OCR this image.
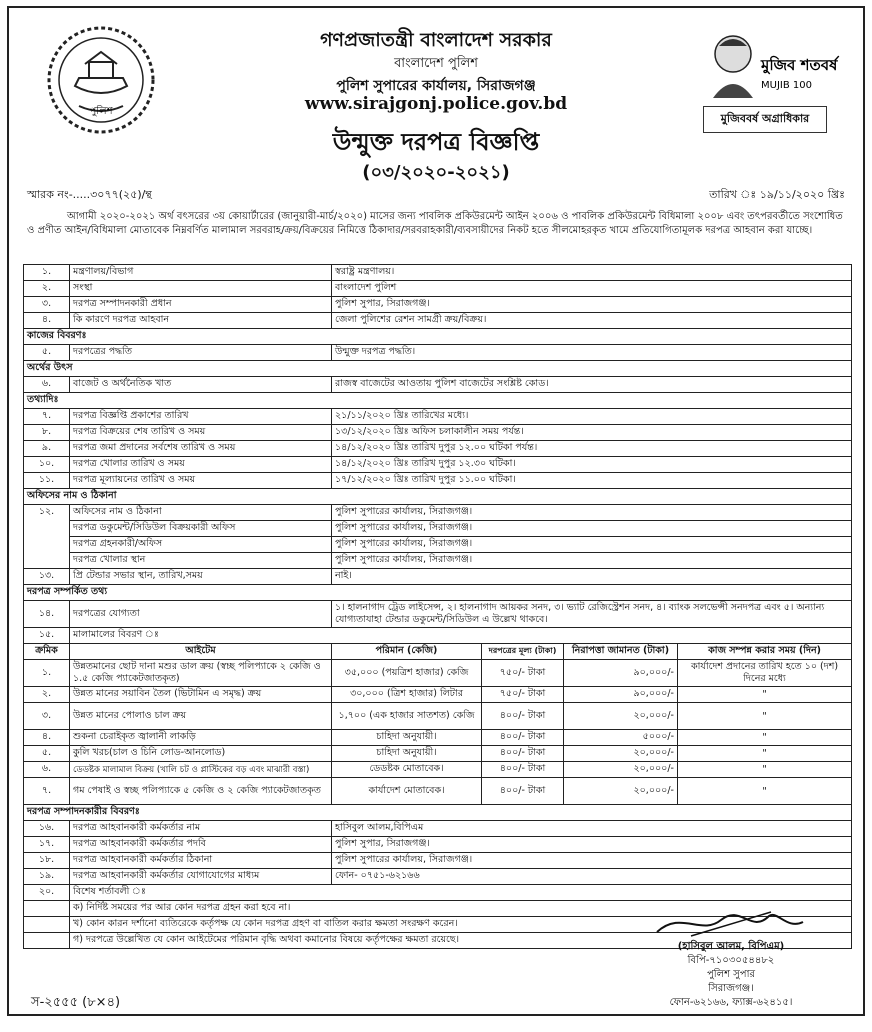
পুলিশ
গণপ্রজাতন্ত্রী বাংলাদেশ সরকার
বাংলাদেশ পুলিশ
পুলিশ সুপারের কার্যালয়, সিরাজগঞ্জ
www.sirajgonj.police.gov.bd
উন্মুক্ত দরপত্র বিজ্ঞপ্তি
(০৩/২০২০-২০২১)
মুজিব শতবর্ষ
MUJIB 100
মুজিববর্ষ অগ্রাধিকার
স্মারক নং-.....৩০৭৭(২৫)/ন্থ	তারিখ ঃ ১৯/১১/২০২০ খ্রিঃ
আগামী ২০২০-২০২১ অর্থ বৎসরের ৩য় কোয়ার্টারের (জানুয়ারী-মার্চ/২০২০) মাসের জন্য পাবলিক প্রকিউরমেন্ট আইন ২০০৬ ও পাবলিক প্রকিউরমেন্ট বিধিমালা ২০০৮ এবং তৎপরবর্তীতে সংশোধিত ও প্রণীত আইন/বিধিমালা মোতাবেক নিম্নবর্ণিত মালামাল সরবরাহ/ক্রয়/বিক্রয়ের নিমিত্তে ঠিকাদার/সরবরাহকারী/ব্যবসায়ীদের নিকট হতে সীলমোহরকৃত খামে প্রতিযোগিতামূলক দরপত্র আহবান করা যাচ্ছে।
১.	মন্ত্রণালয়/বিভাগ	স্বরাষ্ট্র মন্ত্রণালয়।			
২.	সংস্থা	বাংলাদেশ পুলিশ			
৩.	দরপত্র সম্পাদনকারী প্রধান	পুলিশ সুপার, সিরাজগঞ্জ।			
৪.	কি কারণে দরপত্র আহবান	জেলা পুলিশের রেশন সামগ্রী ক্রয়/বিক্রয়।			
কাজের বিবরণঃ					
৫.	দরপত্রের পদ্ধতি	উন্মুক্ত দরপত্র পদ্ধতি।			
অর্থের উৎস					
৬.	বাজেট ও অর্থনৈতিক খাত	রাজস্ব বাজেটের আওতায় পুলিশ বাজেটের সংশ্লিষ্ট কোড।			
তথ্যাদিঃ					
৭.	দরপত্র বিজ্ঞপ্তি প্রকাশের তারিখ	২১/১১/২০২০ খ্রিঃ তারিখের মধ্যে।			
৮.	দরপত্র বিক্রয়ের শেষ তারিখ ও সময়	১৩/১২/২০২০ খ্রিঃ অফিস চলাকালীন সময় পর্যন্ত।			
৯.	দরপত্র জমা প্রদানের সর্বশেষ তারিখ ও সময়	১৪/১২/২০২০ খ্রিঃ তারিখ দুপুর ১২.০০ ঘটিকা পর্যন্ত।			
১০.	দরপত্র খোলার তারিখ ও সময়	১৪/১২/২০২০ খ্রিঃ তারিখ দুপুর ১২.৩০ ঘটিকা।			
১১.	দরপত্র মূল্যায়নের তারিখ ও সময়	১৭/১২/২০২০ খ্রিঃ তারিখ দুপুর ১১.০০ ঘটিকা।			
অফিসের নাম ও ঠিকানা					
১২.	অফিসের নাম ও ঠিকানা	পুলিশ সুপারের কার্যালয়, সিরাজগঞ্জ।			
	দরপত্র ডকুমেন্ট/সিডিউল বিক্রয়কারী অফিস	পুলিশ সুপারের কার্যালয়, সিরাজগঞ্জ।			
	দরপত্র গ্রহনকারী/অফিস	পুলিশ সুপারের কার্যালয়, সিরাজগঞ্জ।			
	দরপত্র খোলার স্থান	পুলিশ সুপারের কার্যালয়, সিরাজগঞ্জ।			
১৩.	প্রি টেন্ডার সভার স্থান, তারিখ,সময়	নাই।			
দরপত্র সম্পর্কিত তথ্য					
১৪.	দরপত্রের যোগ্যতা	১। হালনাগাদ ট্রেড লাইসেন্স, ২। হালনাগাদ আয়কর সনদ, ৩। ভ্যাট রেজিস্ট্রেশন সনদ, ৪। ব্যাংক সলভেন্সী সনদপত্র এবং ৫। অন্যান্য যোগ্যতাযাহা টেন্ডার ডকুমেন্ট/সিডিউল এ উল্লেখ থাকবে।			
১৫.	মালামালের বিবরণ ঃ				
ক্রমিক	আইটেম	পরিমান (কেজি)	দরপত্রের মূল্য (টাকা)	নিরাপত্তা জামানত (টাকা)	কাজ সম্পন্ন করার সময় (দিন)
১.	উন্নতমানের ছোট দানা মশুর ডাল ক্রয় (স্বচ্ছ পলিপ্যাকে ২ কেজি ও ১.৫ কেজি প্যাকেটজাতকৃত)	৩৫,০০০ (পয়ত্রিশ হাজার) কেজি	৭৫০/- টাকা	৯০,০০০/-	কার্যাদেশ প্রদানের তারিখ হতে ১০ (দশ) দিনের মধ্যে
২.	উন্নত মানের সয়াবিন তৈল (ভিটামিন এ সমৃদ্ধ) ক্রয়	৩০,০০০ (ত্রিশ হাজার) লিটার	৭৫০/- টাকা	৯০,০০০/-	"
৩.	উন্নত মানের পোলাও চাল ক্রয়	১,৭০০ (এক হাজার সাতশত) কেজি	৪০০/- টাকা	২০,০০০/-	"
৪.	শুকনা চেরাইকৃত জ্বালানী লাকড়ি	চাহিদা অনুযায়ী।	৪০০/- টাকা	৫০০০/-	"
৫.	কুলি খরচ(চাল ও চিনি লোড-আনলোড)	চাহিদা অনুযায়ী।	৪০০/- টাকা	২০,০০০/-	"
৬.	ডেডষ্টক মালামাল বিক্রয় (খালি চট ও প্লাস্টিকের বড় এবং মাঝারী বস্তা)	ডেডষ্টক মোতাবেক।	৪০০/- টাকা	২০,০০০/-	"
৭.	গম পেষাই ও স্বচ্ছ পলিপ্যাকে ৫ কেজি ও ২ কেজি প্যাকেটজাতকৃত	কার্যাদেশ মোতাবেক।	৪০০/- টাকা	২০,০০০/-	"
দরপত্র সম্পাদনকারীর বিবরণঃ					
১৬.	দরপত্র আহবানকারী কর্মকর্তার নাম	হাসিবুল আলম,বিপিএম			
১৭.	দরপত্র আহবানকারী কর্মকর্তার পদবি	পুলিশ সুপার, সিরাজগঞ্জ।			
১৮.	দরপত্র আহবানকারী কর্মকর্তার ঠিকানা	পুলিশ সুপারের কার্যালয়, সিরাজগঞ্জ।			
১৯.	দরপত্র আহবানকারী কর্মকর্তার যোগাযোগের মাধ্যম	ফোন- ০৭৫১-৬২১৬৬			
২০.	বিশেষ শর্তাবলী ঃ				
	ক) নির্দিষ্ট সময়ের পর আর কোন দরপত্র গ্রহন করা হবে না।				
	খ) কোন কারন দর্শানো ব্যতিরেকে কর্তৃপক্ষ যে কোন দরপত্র গ্রহণ বা বাতিল করার ক্ষমতা সংরক্ষণ করেন।				
	গ) দরপত্রে উল্লেখিত যে কোন আইটেমের পরিমান বৃদ্ধি অথবা কমানোর বিষয়ে কর্তৃপক্ষের ক্ষমতা রয়েছে।				
(হাসিবুল আলম, বিপিএম)
বিপি-৭১০৩০৫৪৪৮২
পুলিশ সুপার
সিরাজগঞ্জ।
ফোন-৬২১৬৬, ফ্যাক্স-৬২৪১৫।
স-২৫৫৫ (৮×৪)
